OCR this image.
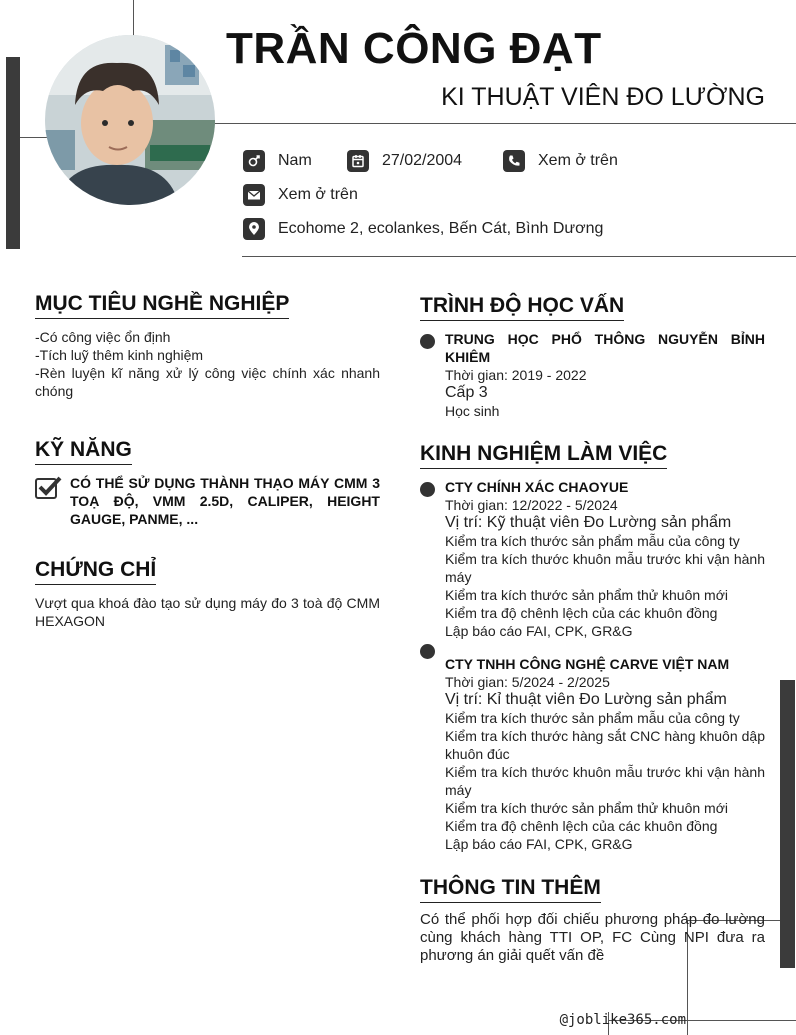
TRẦN CÔNG ĐẠT
KI THUẬT VIÊN ĐO LƯỜNG
Nam	27/02/2004	Xem ở trên
Xem ở trên
Ecohome 2, ecolankes, Bến Cát, Bình Dương
MỤC TIÊU NGHỀ NGHIỆP
-Có công việc ổn định
-Tích luỹ thêm kinh nghiệm
-Rèn luyện kĩ năng xử lý công việc chính xác nhanh chóng
KỸ NĂNG
CÓ THỂ SỬ DỤNG THÀNH THẠO MÁY CMM 3 TOẠ ĐỘ, VMM 2.5D, CALIPER, HEIGHT GAUGE, PANME, ...
CHỨNG CHỈ
Vượt qua khoá đào tạo sử dụng máy đo 3 toà độ CMM HEXAGON
TRÌNH ĐỘ HỌC VẤN
TRUNG HỌC PHỔ THÔNG NGUYỄN BỈNH KHIÊM
Thời gian: 2019 - 2022
Cấp 3
Học sinh
KINH NGHIỆM LÀM VIỆC
CTY CHÍNH XÁC CHAOYUE
Thời gian: 12/2022 - 5/2024
Vị trí: Kỹ thuật viên Đo Lường sản phẩm
Kiểm tra kích thước sản phẩm mẫu của công ty
Kiểm tra kích thước khuôn mẫu trước khi vận hành máy
Kiểm tra kích thước sản phẩm thử khuôn mới
Kiểm tra độ chênh lệch của các khuôn đồng
Lập báo cáo FAI, CPK, GR&G
CTY TNHH CÔNG NGHỆ CARVE VIỆT NAM
Thời gian: 5/2024 - 2/2025
Vị trí: Kỉ thuật viên Đo Lường sản phẩm
Kiểm tra kích thước sản phẩm mẫu của công ty
Kiểm tra kích thước hàng sắt CNC hàng khuôn dập khuôn đúc
Kiểm tra kích thước khuôn mẫu trước khi vận hành máy
Kiểm tra kích thước sản phẩm thử khuôn mới
Kiểm tra độ chênh lệch của các khuôn đồng
Lập báo cáo FAI, CPK, GR&G
THÔNG TIN THÊM
Có thể phối hợp đối chiếu phương pháp đo lường cùng khách hàng TTI OP, FC Cùng NPI đưa ra phương án giải quết vấn đề
@joblike365.com
